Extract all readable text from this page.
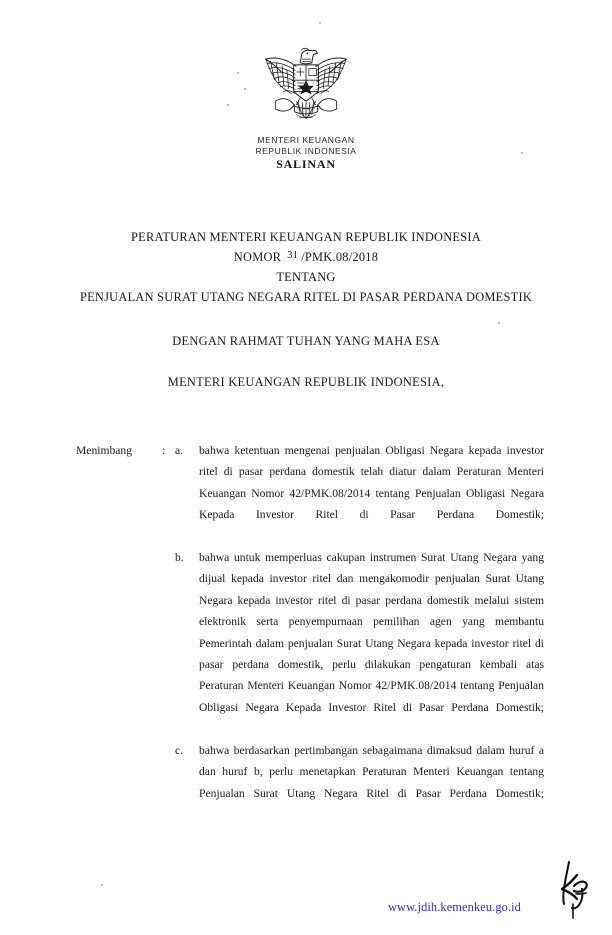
MENTERI KEUANGAN
REPUBLIK INDONESIA
SALINAN
PERATURAN MENTERI KEUANGAN REPUBLIK INDONESIA
NOMOR $^{31}$ /PMK.08/2018
TENTANG
PENJUALAN SURAT UTANG NEGARA RITEL DI PASAR PERDANA DOMESTIK
DENGAN RAHMAT TUHAN YANG MAHA ESA
MENTERI KEUANGAN REPUBLIK INDONESIA,
Menimbang	: a.	bahwa ketentuan mengenai penjualan Obligasi Negara kepada investor ritel di pasar perdana domestik telah diatur dalam Peraturan Menteri Keuangan Nomor 42/PMK.08/2014 tentang Penjualan Obligasi Negara Kepada Investor Ritel di Pasar Perdana Domestik;
b.	bahwa untuk memperluas cakupan instrumen Surat Utang Negara yang dijual kepada investor ritel dan mengakomodir penjualan Surat Utang Negara kepada investor ritel di pasar perdana domestik melalui sistem elektronik serta penyempurnaan pemilihan agen yang membantu Pemerintah dalam penjualan Surat Utang Negara kepada investor ritel di pasar perdana domestik, perlu dilakukan pengaturan kembali atas Peraturan Menteri Keuangan Nomor 42/PMK.08/2014 tentang Penjualan Obligasi Negara Kepada Investor Ritel di Pasar Perdana Domestik;
c.	bahwa berdasarkan pertimbangan sebagaimana dimaksud dalam huruf a dan huruf b, perlu menetapkan Peraturan Menteri Keuangan tentang Penjualan Surat Utang Negara Ritel di Pasar Perdana Domestik;
www.jdih.kemenkeu.go.id
